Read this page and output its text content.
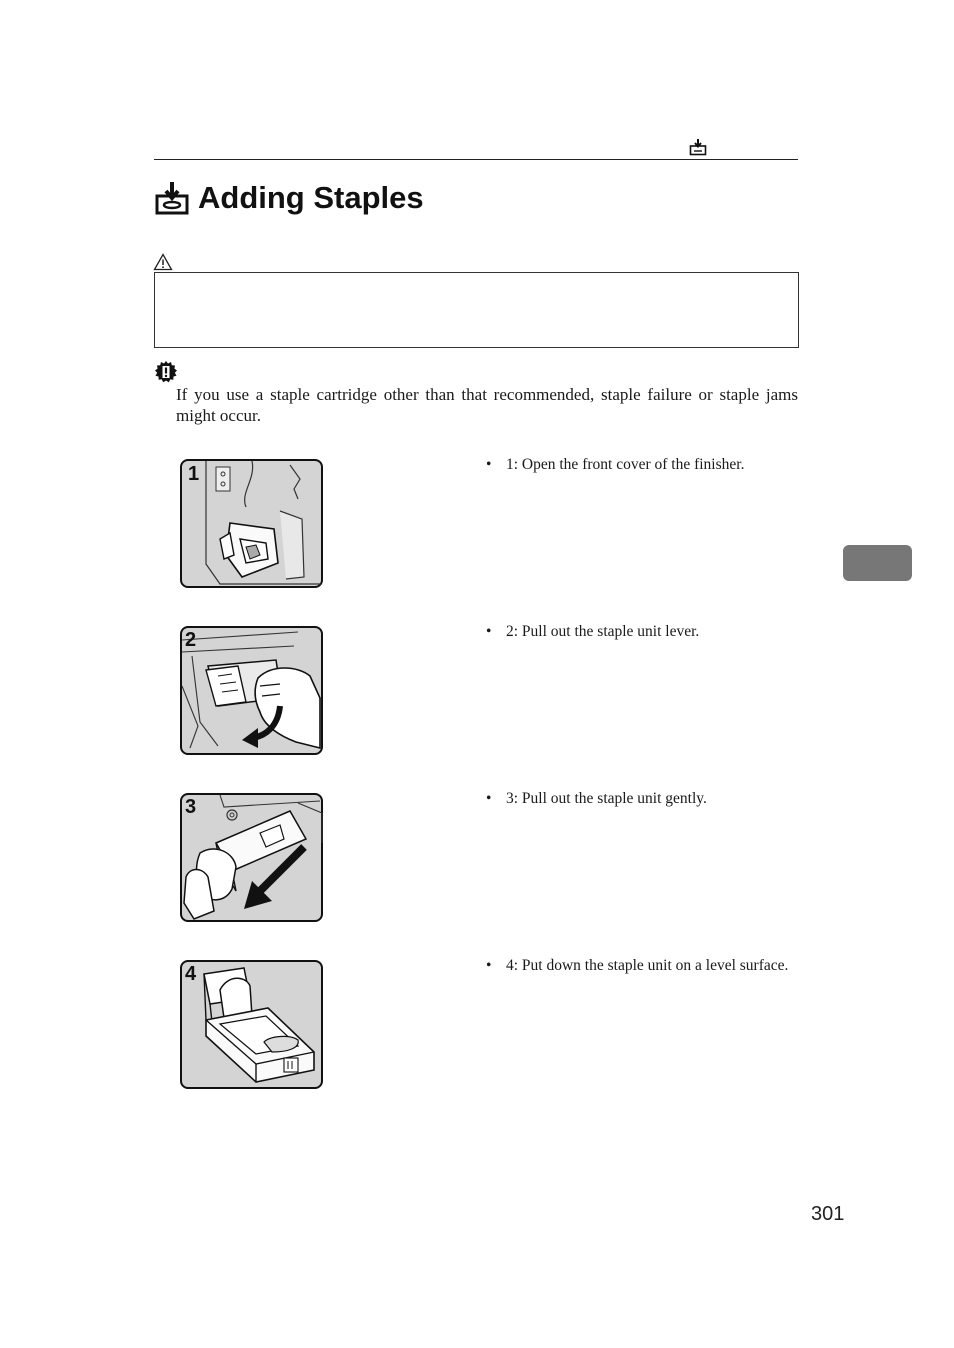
Adding Staples
If you use a staple cartridge other than that recommended, staple failure or staple jams might occur.
1	• 1: Open the front cover of the finisher.
2	• 2: Pull out the staple unit lever.
3	• 3: Pull out the staple unit gently.
4	• 4: Put down the staple unit on a level surface.
301
